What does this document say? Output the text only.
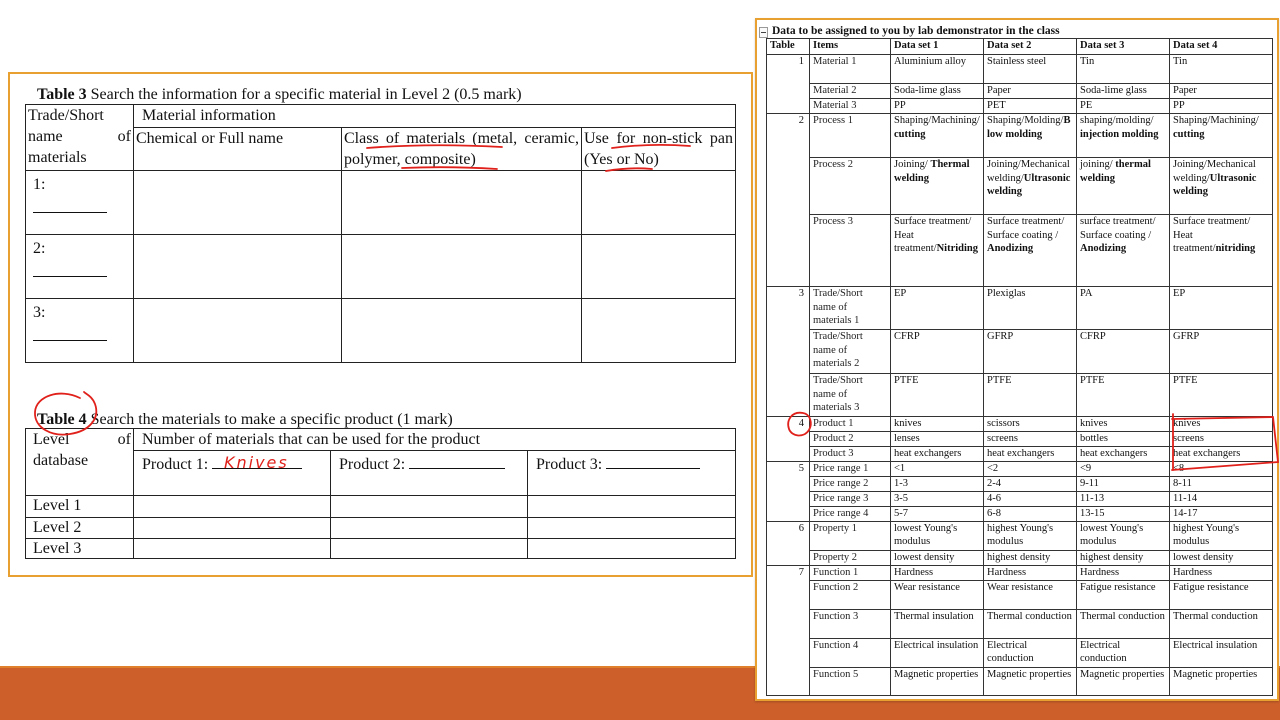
Table 3 Search the information for a specific material in Level 2 (0.5 mark)
Trade/Short name of materials	Material information		
	Chemical or Full name	Class of materials (metal, ceramic, polymer, composite)	Use for non-stick pan (Yes or No)

1:			

2:			

3:			

Table 4 Search the materials to make a specific product (1 mark)
Level of database	Number of materials that can be used for the product		
	Product 1:	Product 2:	Product 3:
Level 1			
Level 2			
Level 3			
Data to be assigned to you by lab demonstrator in the class
Table	Items	Data set 1	Data set 2	Data set 3	Data set 4
1	Material 1	Aluminium alloy	Stainless steel	Tin	Tin
	Material 2	Soda-lime glass	Paper	Soda-lime glass	Paper
	Material 3	PP	PET	PE	PP
2	Process 1	Shaping/Machining/cutting	Shaping/Molding/Blow molding	shaping/molding/ injection molding	Shaping/Machining/ cutting
	Process 2	Joining/ Thermal welding	Joining/Mechanical welding/Ultrasonic welding	joining/ thermal welding	Joining/Mechanical welding/Ultrasonic welding
	Process 3	Surface treatment/ Heat treatment/Nitriding	Surface treatment/ Surface coating / Anodizing	surface treatment/ Surface coating / Anodizing	Surface treatment/ Heat treatment/nitriding
3	Trade/Short name of materials 1	EP	Plexiglas	PA	EP
	Trade/Short name of materials 2	CFRP	GFRP	CFRP	GFRP
	Trade/Short name of materials 3	PTFE	PTFE	PTFE	PTFE
4	Product 1	knives	scissors	knives	knives
	Product 2	lenses	screens	bottles	screens
	Product 3	heat exchangers	heat exchangers	heat exchangers	heat exchangers
5	Price range 1	<1	<2	<9	<8
	Price range 2	1-3	2-4	9-11	8-11
	Price range 3	3-5	4-6	11-13	11-14
	Price range 4	5-7	6-8	13-15	14-17
6	Property 1	lowest Young's modulus	highest Young's modulus	lowest Young's modulus	highest Young's modulus
	Property 2	lowest density	highest density	highest density	lowest density
7	Function 1	Hardness	Hardness	Hardness	Hardness
	Function 2	Wear resistance	Wear resistance	Fatigue resistance	Fatigue resistance
	Function 3	Thermal insulation	Thermal conduction	Thermal conduction	Thermal conduction
	Function 4	Electrical insulation	Electrical conduction	Electrical conduction	Electrical insulation
	Function 5	Magnetic properties	Magnetic properties	Magnetic properties	Magnetic properties
Knives
